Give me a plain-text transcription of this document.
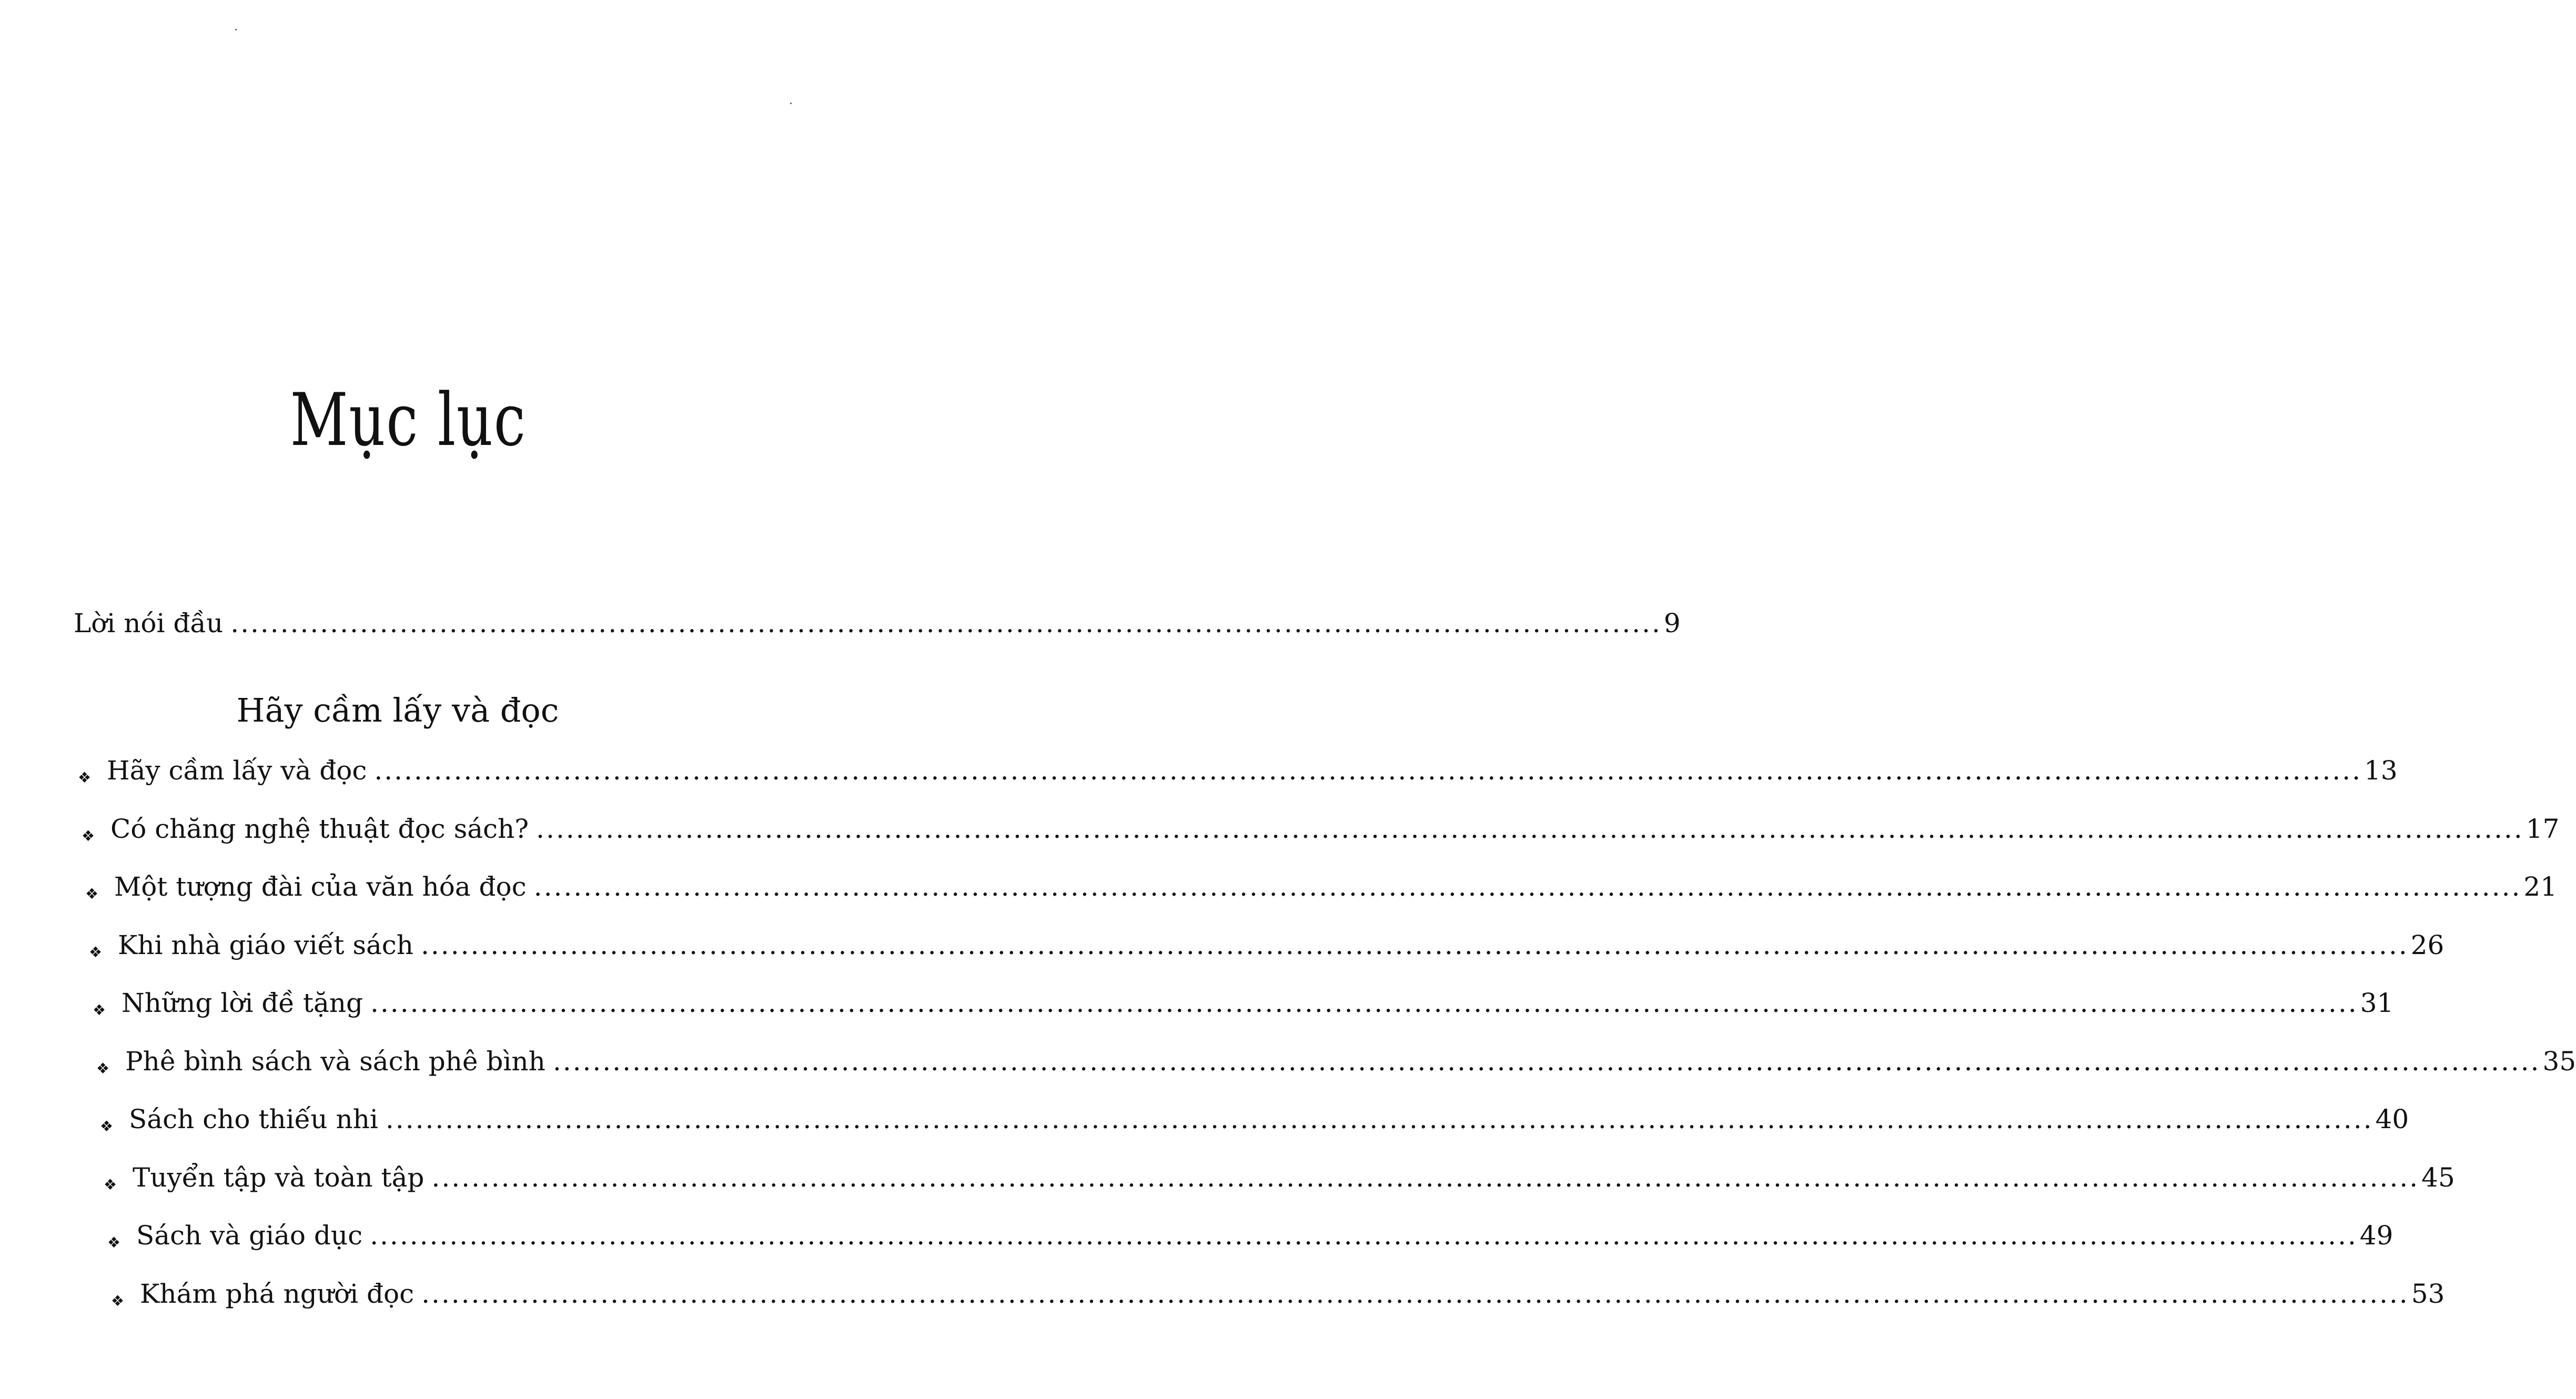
Mục lục
Lời nói đầu ................................................................................................................................................ 9
Hãy cầm lấy và đọc
❖ Hãy cầm lấy và đọc ........................................................................................................................................................................................................ 13
❖ Có chăng nghệ thuật đọc sách? ........................................................................................................................................................................................................ 17
❖ Một tượng đài của văn hóa đọc ........................................................................................................................................................................................................ 21
❖ Khi nhà giáo viết sách ........................................................................................................................................................................................................ 26
❖ Những lời đề tặng ........................................................................................................................................................................................................ 31
❖ Phê bình sách và sách phê bình ........................................................................................................................................................................................................ 35
❖ Sách cho thiếu nhi ........................................................................................................................................................................................................ 40
❖ Tuyển tập và toàn tập ........................................................................................................................................................................................................ 45
❖ Sách và giáo dục ........................................................................................................................................................................................................ 49
❖ Khám phá người đọc ........................................................................................................................................................................................................ 53
